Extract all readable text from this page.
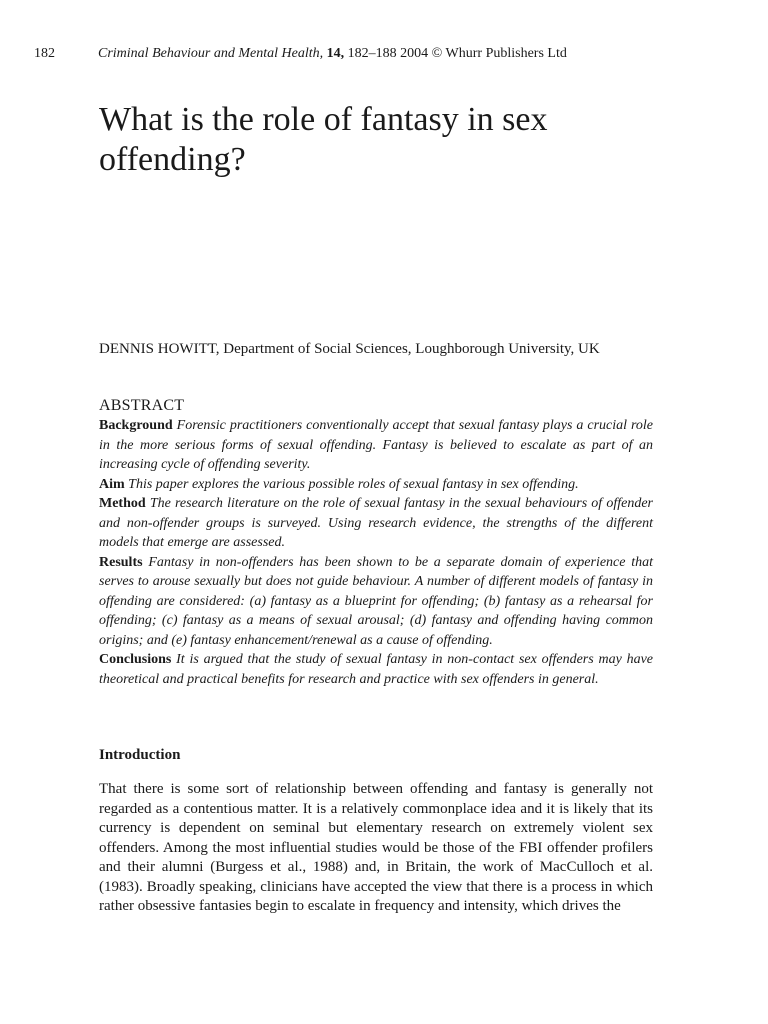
182	Criminal Behaviour and Mental Health, 14, 182–188 2004 © Whurr Publishers Ltd
What is the role of fantasy in sex offending?
DENNIS HOWITT, Department of Social Sciences, Loughborough University, UK
ABSTRACT

Background Forensic practitioners conventionally accept that sexual fantasy plays a crucial role in the more serious forms of sexual offending. Fantasy is believed to escalate as part of an increasing cycle of offending severity.

Aim This paper explores the various possible roles of sexual fantasy in sex offending.

Method The research literature on the role of sexual fantasy in the sexual behaviours of offender and non-offender groups is surveyed. Using research evidence, the strengths of the different models that emerge are assessed.

Results Fantasy in non-offenders has been shown to be a separate domain of experience that serves to arouse sexually but does not guide behaviour. A number of different models of fantasy in offending are considered: (a) fantasy as a blueprint for offending; (b) fantasy as a rehearsal for offending; (c) fantasy as a means of sexual arousal; (d) fantasy and offending having common origins; and (e) fantasy enhancement/renewal as a cause of offending.

Conclusions It is argued that the study of sexual fantasy in non-contact sex offenders may have theoretical and practical benefits for research and practice with sex offenders in general.

Introduction

That there is some sort of relationship between offending and fantasy is generally not regarded as a contentious matter. It is a relatively commonplace idea and it is likely that its currency is dependent on seminal but elementary research on extremely violent sex offenders. Among the most influential studies would be those of the FBI offender profilers and their alumni (Burgess et al., 1988) and, in Britain, the work of MacCulloch et al. (1983). Broadly speaking, clinicians have accepted the view that there is a process in which rather obsessive fantasies begin to escalate in frequency and intensity, which drives the
